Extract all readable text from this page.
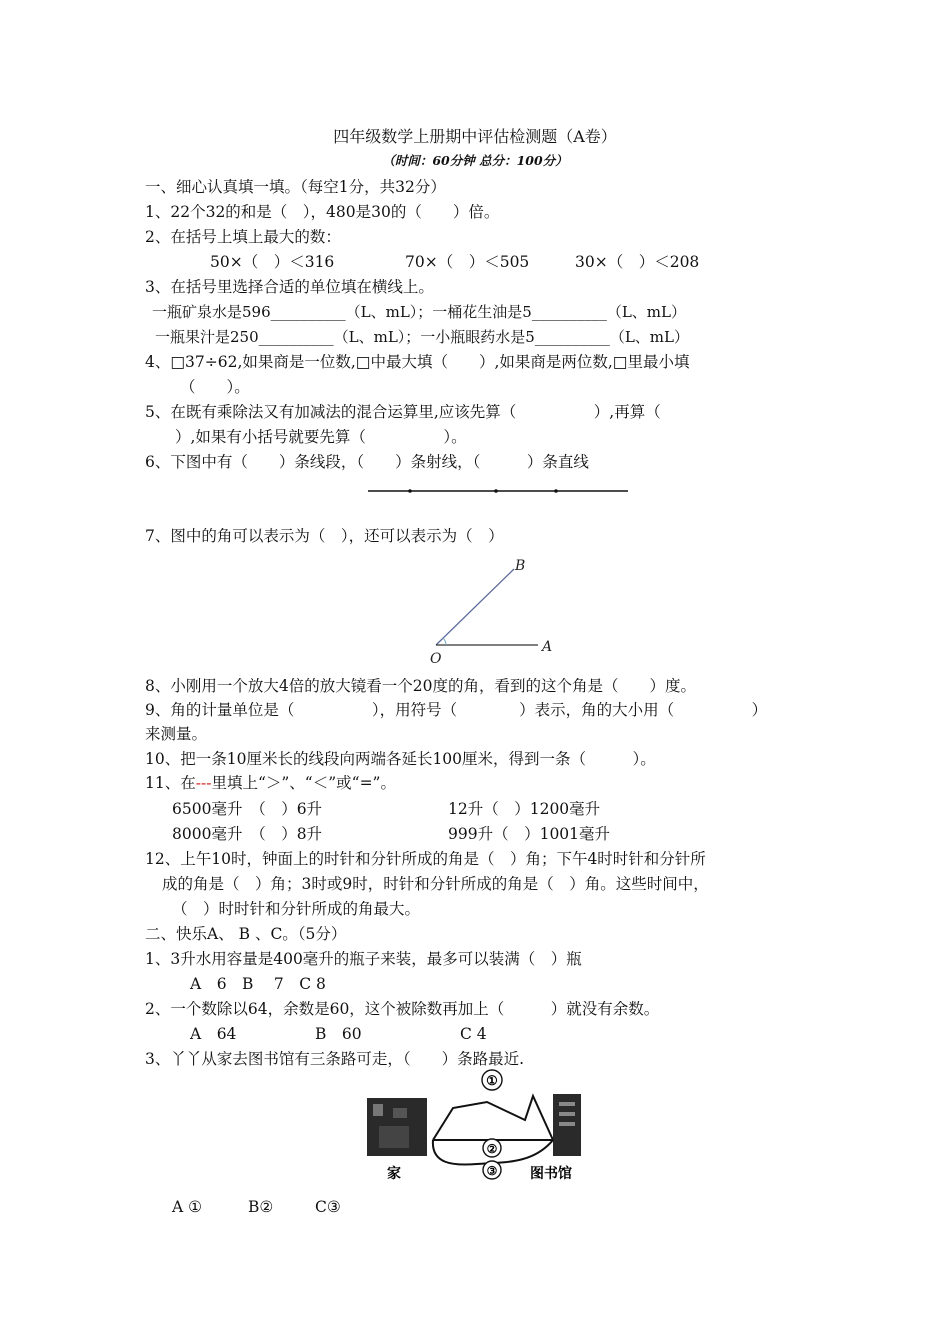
四年级数学上册期中评估检测题（A卷）
（时间：60分钟 总分：100分）
一、细心认真填一填。（每空1分，共32分）
1、22个32的和是（　），480是30的（　　）倍。
2、在括号上填上最大的数：
50×（　）＜316	70×（　）＜505	30×（　）＜208
3、在括号里选择合适的单位填在横线上。
一瓶矿泉水是596__________（L、mL）；一桶花生油是5__________（L、mL）
一瓶果汁是250__________（L、mL）；一小瓶眼药水是5__________（L、mL）
4、□37÷62,如果商是一位数,□中最大填（　　）,如果商是两位数,□里最小填
（　　）。
5、在既有乘除法又有加减法的混合运算里,应该先算（　　　　　）,再算（
）,如果有小括号就要先算（　　　　　）。
6、下图中有（　　）条线段，（　　）条射线，（　　　）条直线
7、图中的角可以表示为（　），还可以表示为（　）
B
A
O
8、小刚用一个放大4倍的放大镜看一个20度的角，看到的这个角是（　　）度。
9、角的计量单位是（　　　　　），用符号（　　　　）表示，角的大小用（　　　　　）
来测量。
10、把一条10厘米长的线段向两端各延长100厘米，得到一条（　　　）。
11、在---里填上“＞”、“＜”或“=”。
6500毫升　（　）6升	12升（　）1200毫升
8000毫升　（　）8升	999升（　）1001毫升
12、上午10时，钟面上的时针和分针所成的角是（　）角；下午4时时针和分针所
成的角是（　）角；3时或9时，时针和分针所成的角是（　）角。这些时间中，
（　）时时针和分针所成的角最大。
二、快乐A、 B 、C。（5分）
1、3升水用容量是400毫升的瓶子来装，最多可以装满（　）瓶
A　6　B　 7　C 8
2、一个数除以64，余数是60，这个被除数再加上（　　　）就没有余数。
A　64	B　60	C 4
3、丫丫从家去图书馆有三条路可走，（　　）条路最近.
①
②
③
家	图书馆
A ①	B②	C③
